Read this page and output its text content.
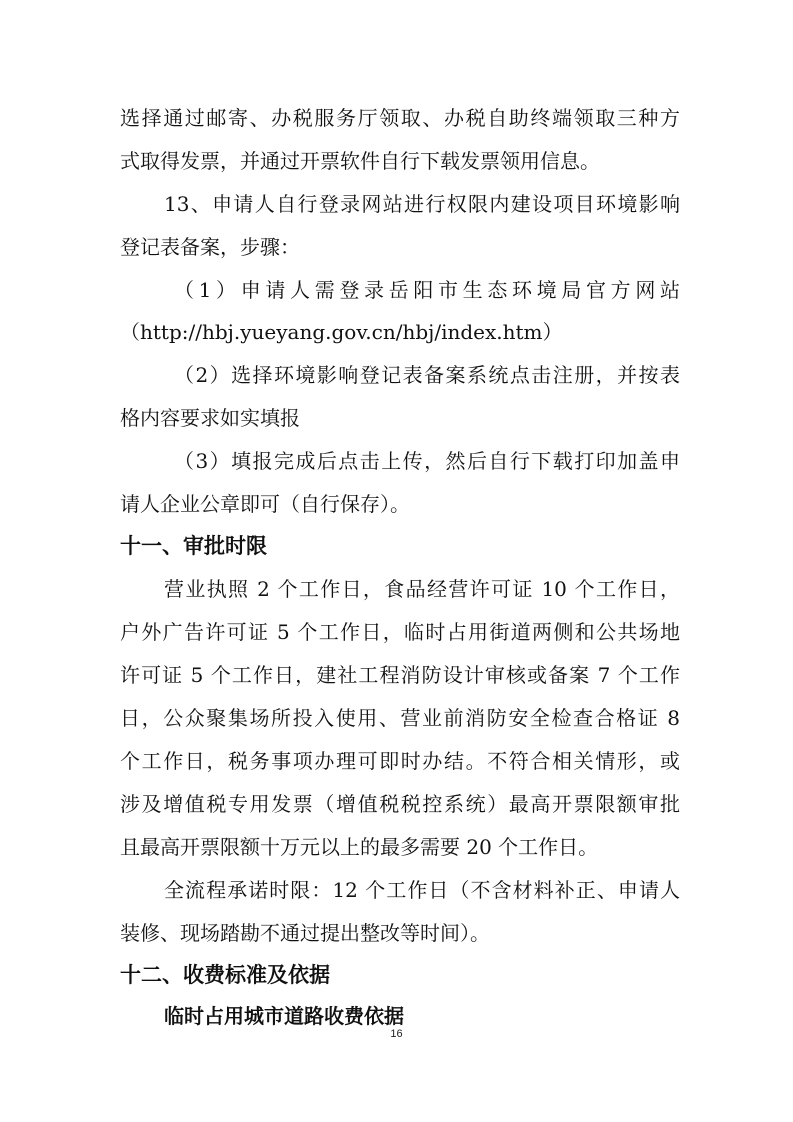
选择通过邮寄、办税服务厅领取、办税自助终端领取三种方
式取得发票，并通过开票软件自行下载发票领用信息。
13、申请人自行登录网站进行权限内建设项目环境影响
登记表备案，步骤：
（1）申请人需登录岳阳市生态环境局官方网站
（http://hbj.yueyang.gov.cn/hbj/index.htm）
（2）选择环境影响登记表备案系统点击注册，并按表
格内容要求如实填报
（3）填报完成后点击上传，然后自行下载打印加盖申
请人企业公章即可（自行保存）。
十一、审批时限
营业执照 2 个工作日，食品经营许可证 10 个工作日，
户外广告许可证 5 个工作日，临时占用街道两侧和公共场地
许可证 5 个工作日，建社工程消防设计审核或备案 7 个工作
日，公众聚集场所投入使用、营业前消防安全检查合格证 8
个工作日，税务事项办理可即时办结。不符合相关情形，或
涉及增值税专用发票（增值税税控系统）最高开票限额审批
且最高开票限额十万元以上的最多需要 20 个工作日。
全流程承诺时限：12 个工作日（不含材料补正、申请人
装修、现场踏勘不通过提出整改等时间）。
十二、收费标准及依据
临时占用城市道路收费依据
16
